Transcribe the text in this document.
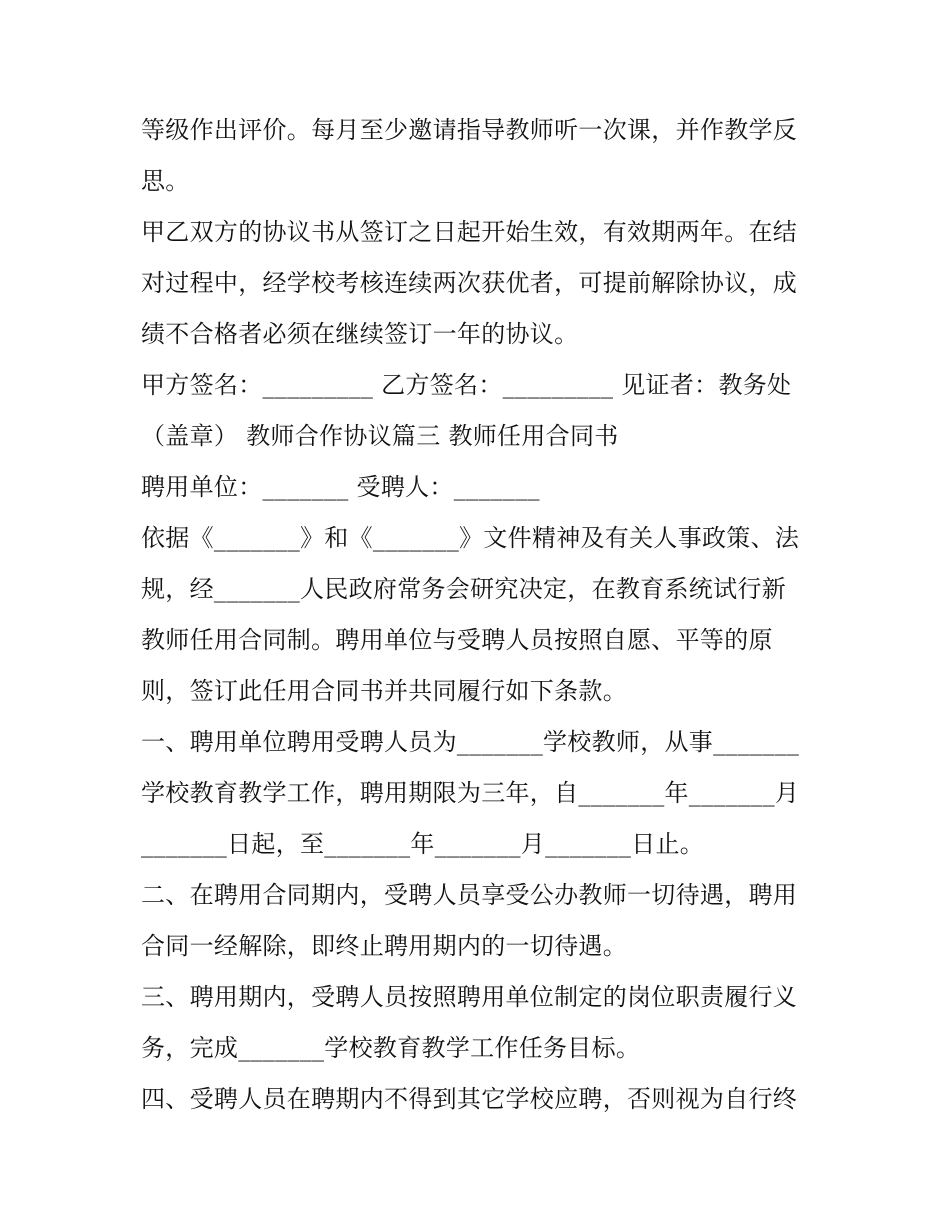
等级作出评价。每月至少邀请指导教师听一次课，并作教学反
思。
甲乙双方的协议书从签订之日起开始生效，有效期两年。在结
对过程中，经学校考核连续两次获优者，可提前解除协议，成
绩不合格者必须在继续签订一年的协议。
甲方签名：_________ 乙方签名：_________ 见证者：教务处
（盖章） 教师合作协议篇三 教师任用合同书
聘用单位：_______ 受聘人：_______
依据《_______》和《_______》文件精神及有关人事政策、法
规，经_______人民政府常务会研究决定，在教育系统试行新
教师任用合同制。聘用单位与受聘人员按照自愿、平等的原
则，签订此任用合同书并共同履行如下条款。
一、聘用单位聘用受聘人员为_______学校教师，从事_______
学校教育教学工作，聘用期限为三年，自_______年_______月
_______日起，至_______年_______月_______日止。
二、在聘用合同期内，受聘人员享受公办教师一切待遇，聘用
合同一经解除，即终止聘用期内的一切待遇。
三、聘用期内，受聘人员按照聘用单位制定的岗位职责履行义
务，完成_______学校教育教学工作任务目标。
四、受聘人员在聘期内不得到其它学校应聘，否则视为自行终
